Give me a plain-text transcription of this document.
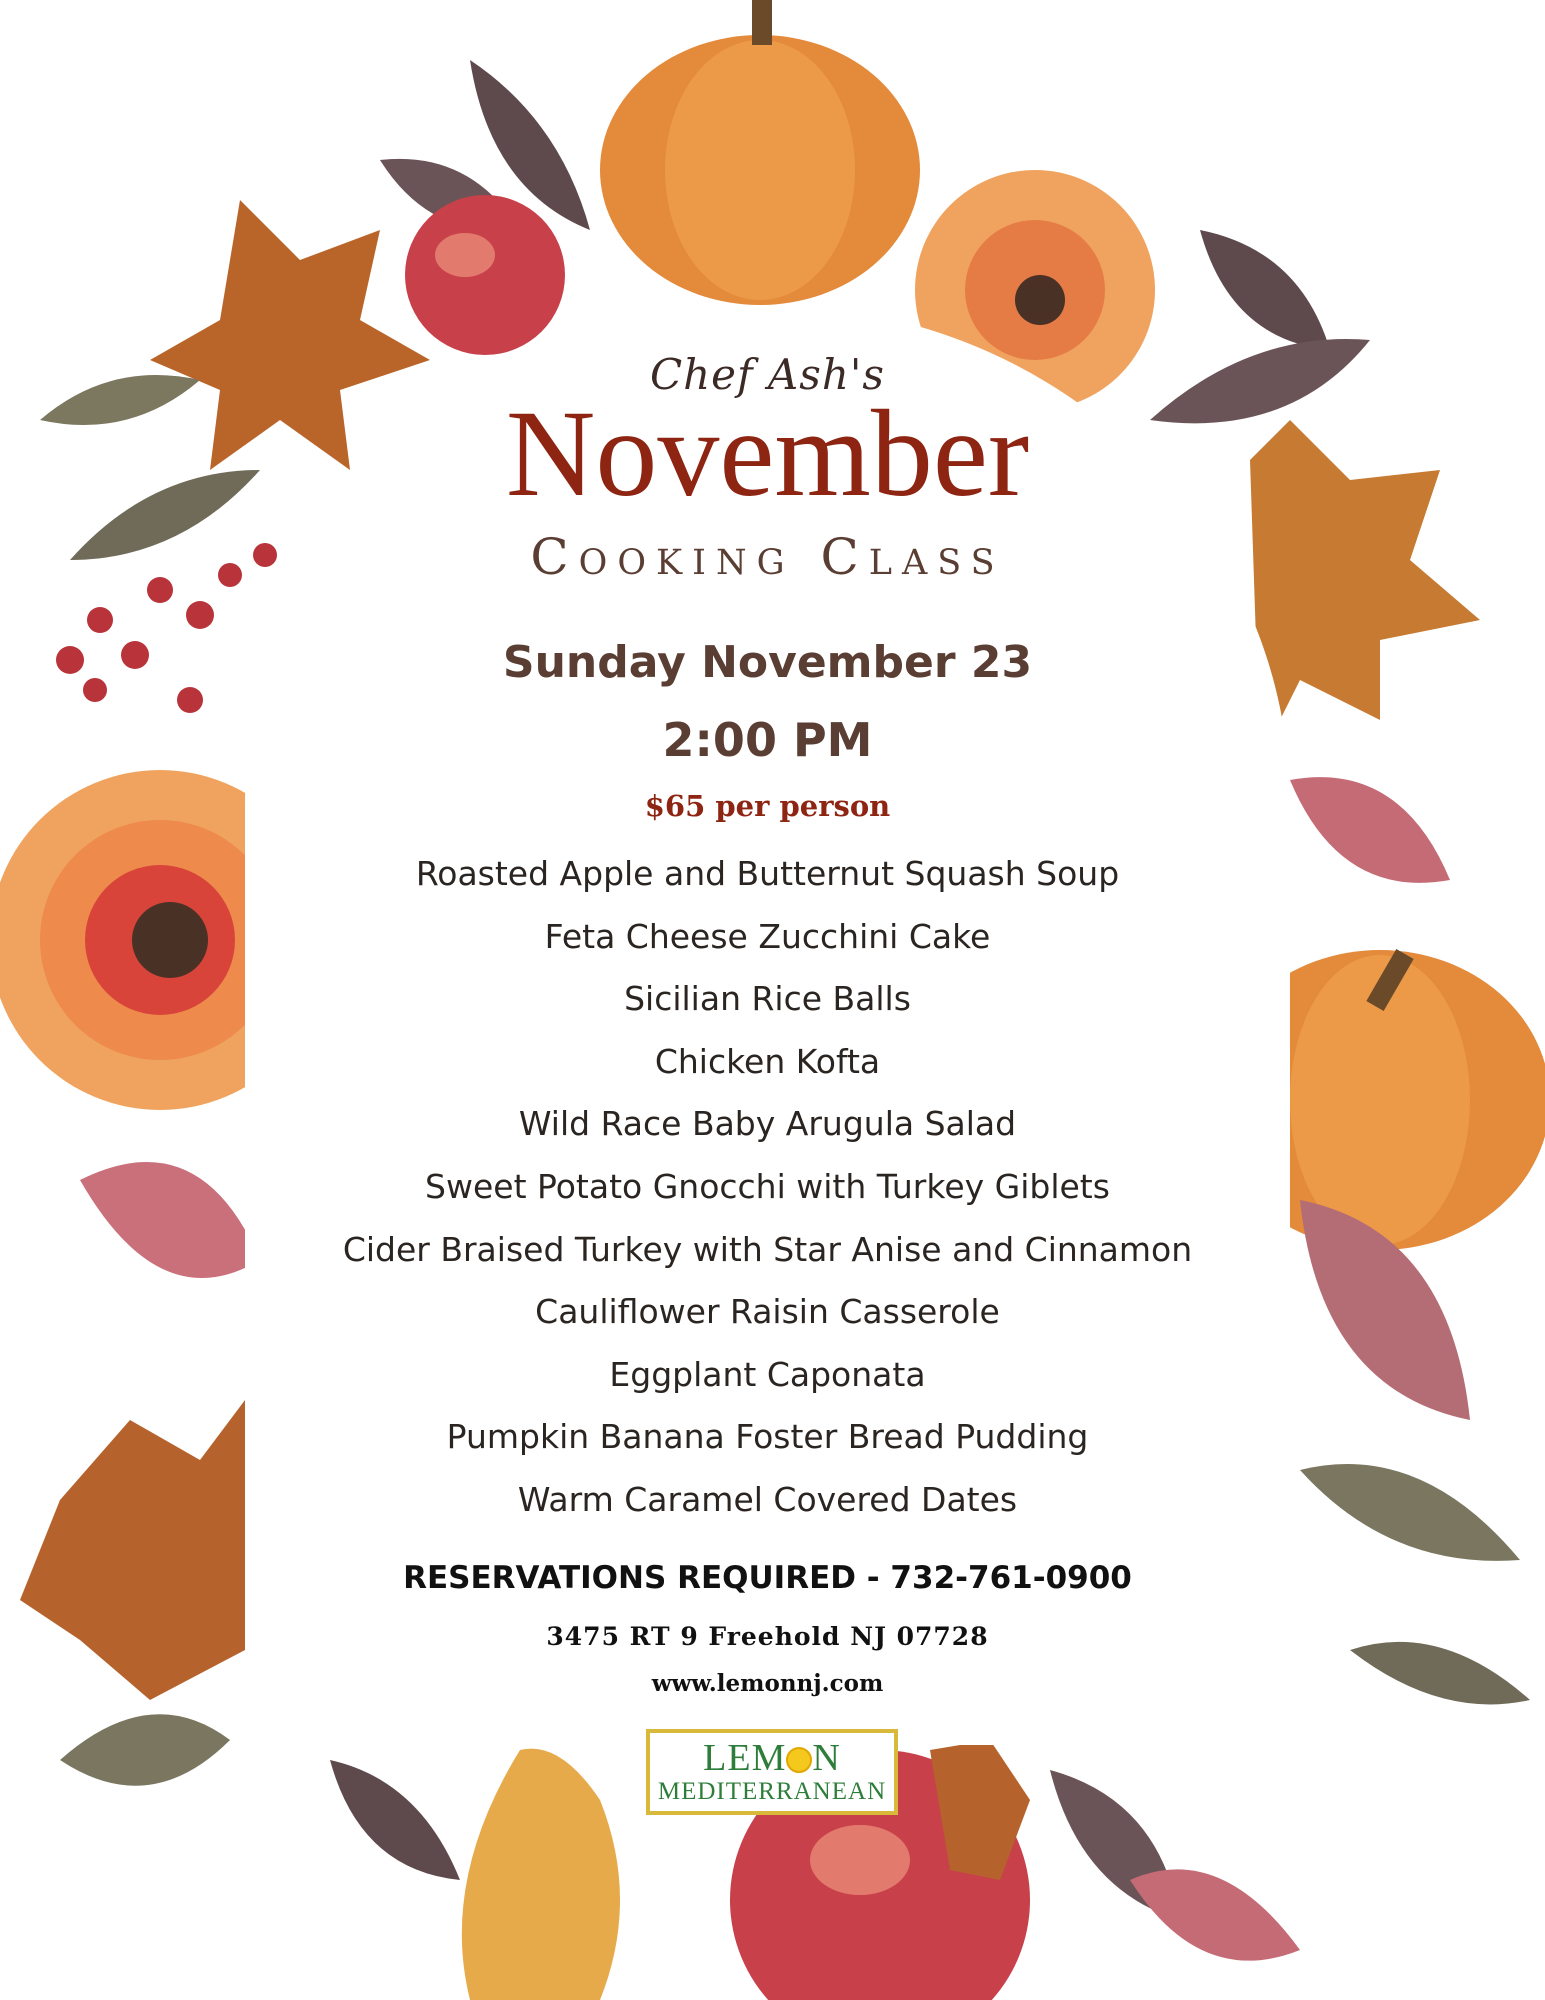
Chef Ash's

November

Cooking Class

Sunday November 23

2:00 PM

$65 per person

Roasted Apple and Butternut Squash Soup
Feta Cheese Zucchini Cake
Sicilian Rice Balls
Chicken Kofta
Wild Race Baby Arugula Salad
Sweet Potato Gnocchi with Turkey Giblets
Cider Braised Turkey with Star Anise and Cinnamon
Cauliflower Raisin Casserole
Eggplant Caponata
Pumpkin Banana Foster Bread Pudding
Warm Caramel Covered Dates

RESERVATIONS REQUIRED - 732-761-0900

3475 RT 9 Freehold NJ 07728

www.lemonnj.com

LEM N
MEDITERRANEAN
